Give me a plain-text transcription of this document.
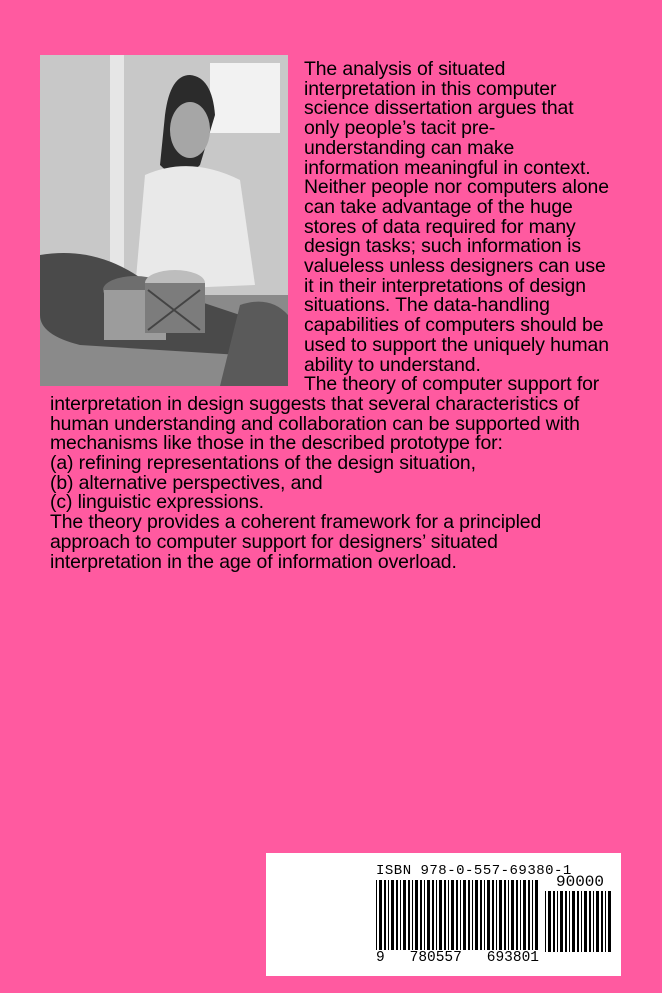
The analysis of situated interpretation in this computer science dissertation argues that only people’s tacit pre-understanding can make information meaningful in context.

Neither people nor computers alone can take advantage of the huge stores of data required for many design tasks; such information is valueless unless designers can use it in their interpretations of design situations. The data-handling capabilities of computers should be used to support the uniquely human ability to understand.

The theory of computer support for interpretation in design suggests that several characteristics of human understanding and collaboration can be supported with mechanisms like those in the described prototype for:

(a) refining representations of the design situation,

(b) alternative perspectives, and

(c) linguistic expressions.

The theory provides a coherent framework for a principled approach to computer support for designers’ situated interpretation in the age of information overload.

ISBN 978-0-557-69380-1
90000
9 780557 693801
